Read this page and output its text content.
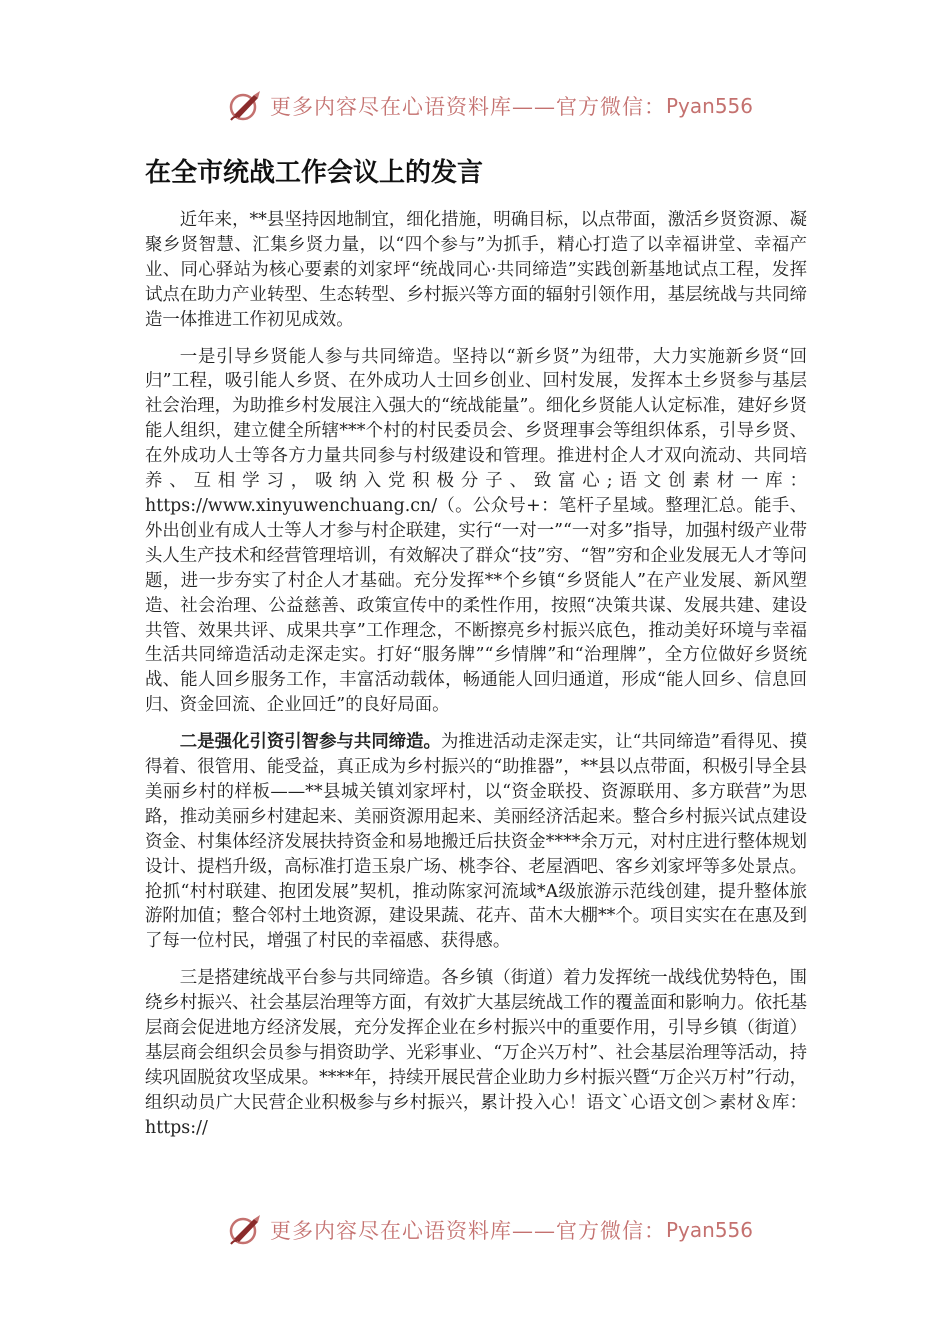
更多内容尽在心语资料库——官方微信： Pyan556
在全市统战工作会议上的发言

近年来，**县坚持因地制宜，细化措施，明确目标，以点带面，激活乡贤资源、凝聚乡贤智慧、汇集乡贤力量，以“四个参与”为抓手，精心打造了以幸福讲堂、幸福产业、同心驿站为核心要素的刘家坪“统战同心·共同缔造”实践创新基地试点工程，发挥试点在助力产业转型、生态转型、乡村振兴等方面的辐射引领作用，基层统战与共同缔造一体推进工作初见成效。

一是引导乡贤能人参与共同缔造。坚持以“新乡贤”为纽带，大力实施新乡贤“回归”工程，吸引能人乡贤、在外成功人士回乡创业、回村发展，发挥本土乡贤参与基层社会治理，为助推乡村发展注入强大的“统战能量”。细化乡贤能人认定标准，建好乡贤能人组织，建立健全所辖***个村的村民委员会、乡贤理事会等组织体系，引导乡贤、在外成功人士等各方力量共同参与村级建设和管理。推进村企人才双向流动、共同培养、互相学习，吸纳入党积极分子、致富心;语文创素材一库：https://www.xinyuwenchuang.cn/（。公众号+：笔杆子星域。整理汇总。能手、外出创业有成人士等人才参与村企联建，实行“一对一”“一对多”指导，加强村级产业带头人生产技术和经营管理培训，有效解决了群众“技”穷、“智”穷和企业发展无人才等问题，进一步夯实了村企人才基础。充分发挥**个乡镇“乡贤能人”在产业发展、新风塑造、社会治理、公益慈善、政策宣传中的柔性作用，按照“决策共谋、发展共建、建设共管、效果共评、成果共享”工作理念，不断擦亮乡村振兴底色，推动美好环境与幸福生活共同缔造活动走深走实。打好“服务牌”“乡情牌”和“治理牌”，全方位做好乡贤统战、能人回乡服务工作，丰富活动载体，畅通能人回归通道，形成“能人回乡、信息回归、资金回流、企业回迁”的良好局面。

二是强化引资引智参与共同缔造。为推进活动走深走实，让“共同缔造”看得见、摸得着、很管用、能受益，真正成为乡村振兴的“助推器”，**县以点带面，积极引导全县美丽乡村的样板——**县城关镇刘家坪村，以“资金联投、资源联用、多方联营”为思路，推动美丽乡村建起来、美丽资源用起来、美丽经济活起来。整合乡村振兴试点建设资金、村集体经济发展扶持资金和易地搬迁后扶资金****余万元，对村庄进行整体规划设计、提档升级，高标准打造玉泉广场、桃李谷、老屋酒吧、客乡刘家坪等多处景点。抢抓“村村联建、抱团发展”契机，推动陈家河流域*A级旅游示范线创建，提升整体旅游附加值；整合邻村土地资源，建设果蔬、花卉、苗木大棚**个。项目实实在在惠及到了每一位村民，增强了村民的幸福感、获得感。

三是搭建统战平台参与共同缔造。各乡镇（街道）着力发挥统一战线优势特色，围绕乡村振兴、社会基层治理等方面，有效扩大基层统战工作的覆盖面和影响力。依托基层商会促进地方经济发展，充分发挥企业在乡村振兴中的重要作用，引导乡镇（街道）基层商会组织会员参与捐资助学、光彩事业、“万企兴万村”、社会基层治理等活动，持续巩固脱贫攻坚成果。****年，持续开展民营企业助力乡村振兴暨“万企兴万村”行动，组织动员广大民营企业积极参与乡村振兴，累计投入心！语文`心语文创＞素材＆库：https://

更多内容尽在心语资料库——官方微信： Pyan556
